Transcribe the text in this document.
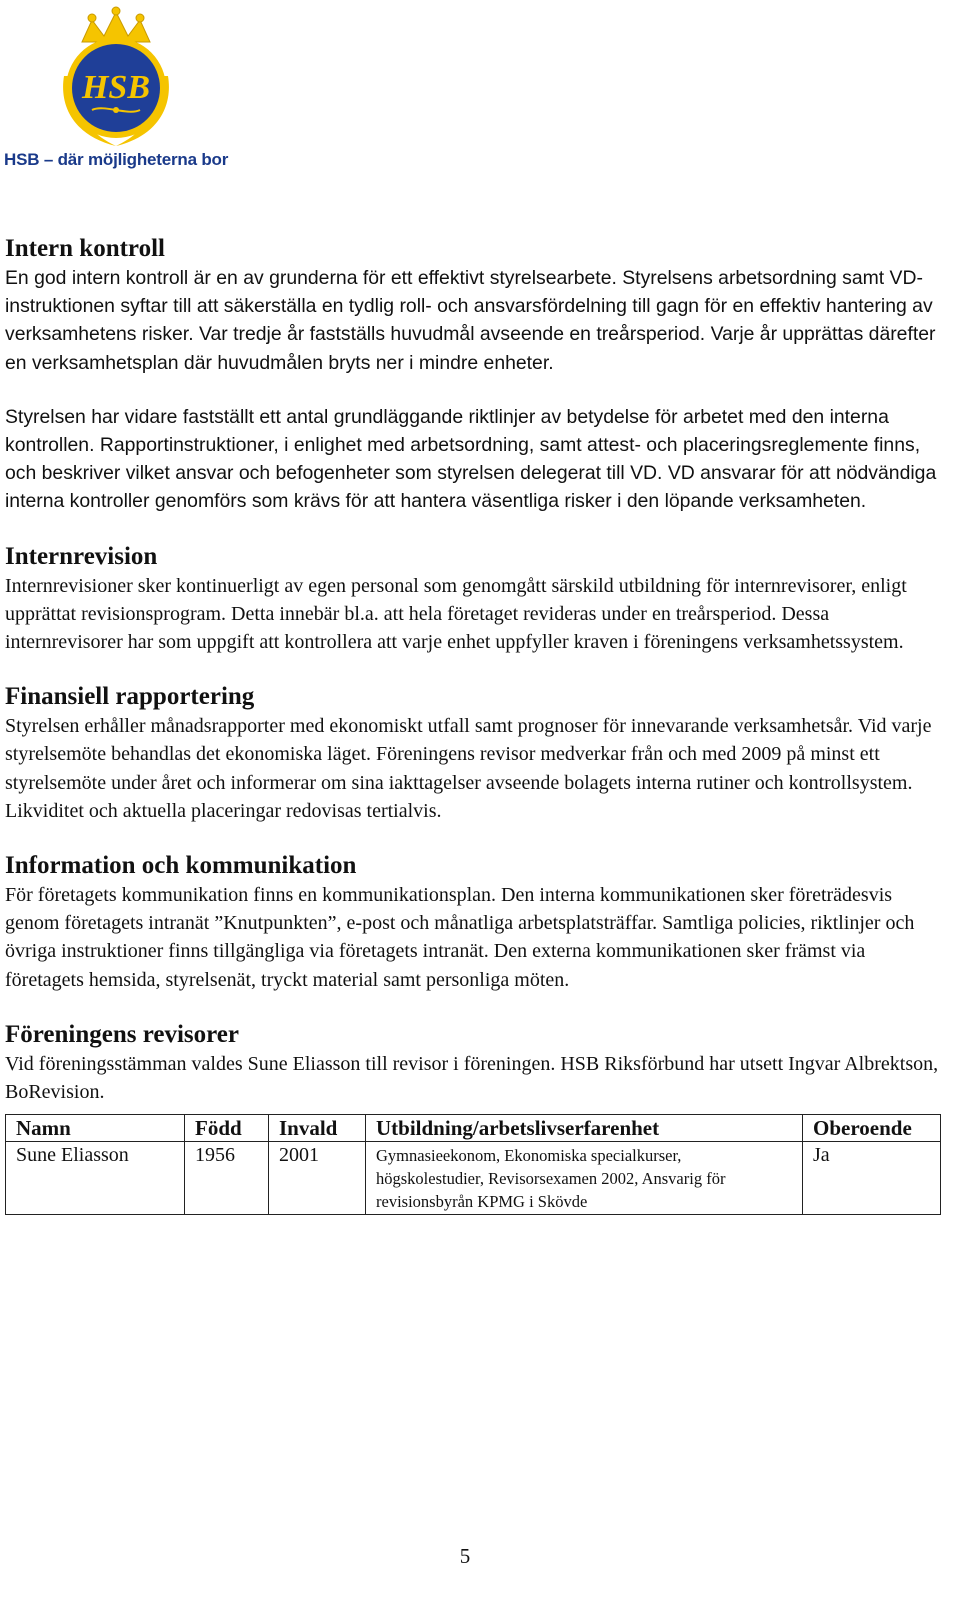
HSB
HSB – där möjligheterna bor
Intern kontroll

En god intern kontroll är en av grunderna för ett effektivt styrelsearbete. Styrelsens arbetsordning samt VD-instruktionen syftar till att säkerställa en tydlig roll- och ansvarsfördelning till gagn för en effektiv hantering av verksamhetens risker. Var tredje år fastställs huvudmål avseende en treårsperiod. Varje år upprättas därefter en verksamhetsplan där huvudmålen bryts ner i mindre enheter.

Styrelsen har vidare fastställt ett antal grundläggande riktlinjer av betydelse för arbetet med den interna kontrollen. Rapportinstruktioner, i enlighet med arbetsordning, samt attest- och placeringsreglemente finns, och beskriver vilket ansvar och befogenheter som styrelsen delegerat till VD. VD ansvarar för att nödvändiga interna kontroller genomförs som krävs för att hantera väsentliga risker i den löpande verksamheten.

Internrevision

Internrevisioner sker kontinuerligt av egen personal som genomgått särskild utbildning för internrevisorer, enligt upprättat revisionsprogram. Detta innebär bl.a. att hela företaget revideras under en treårsperiod. Dessa internrevisorer har som uppgift att kontrollera att varje enhet uppfyller kraven i föreningens verksamhetssystem.

Finansiell rapportering

Styrelsen erhåller månadsrapporter med ekonomiskt utfall samt prognoser för innevarande verksamhetsår. Vid varje styrelsemöte behandlas det ekonomiska läget. Föreningens revisor medverkar från och med 2009 på minst ett styrelsemöte under året och informerar om sina iakttagelser avseende bolagets interna rutiner och kontrollsystem. Likviditet och aktuella placeringar redovisas tertialvis.

Information och kommunikation

För företagets kommunikation finns en kommunikationsplan. Den interna kommunikationen sker företrädesvis genom företagets intranät ”Knutpunkten”, e-post och månatliga arbetsplatsträffar. Samtliga policies, riktlinjer och övriga instruktioner finns tillgängliga via företagets intranät. Den externa kommunikationen sker främst via företagets hemsida, styrelsenät, tryckt material samt personliga möten.

Föreningens revisorer

Vid föreningsstämman valdes Sune Eliasson till revisor i föreningen. HSB Riksförbund har utsett Ingvar Albrektson, BoRevision.

Namn	Född	Invald	Utbildning/arbetslivserfarenhet	Oberoende
Sune Eliasson	1956	2001	Gymnasieekonom, Ekonomiska specialkurser, högskolestudier, Revisorsexamen 2002, Ansvarig för revisionsbyrån KPMG i Skövde	Ja
5
